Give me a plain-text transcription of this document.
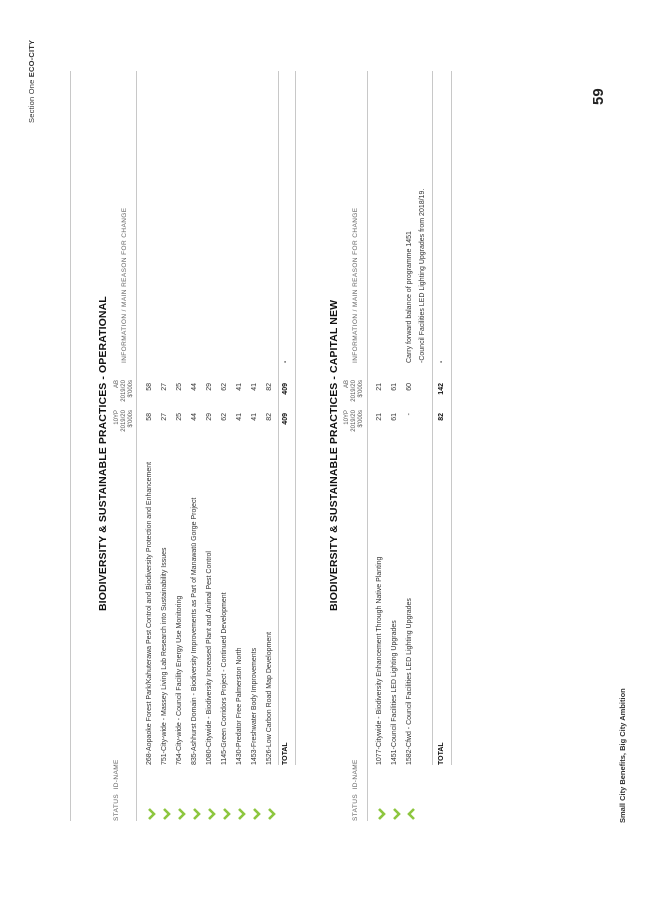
Section One ECO-CITY
BIODIVERSITY & SUSTAINABLE PRACTICES - OPERATIONAL
STATUS  ID-NAME
10YP 2019/20 $'000s
AB 2019/20 $'000s
INFORMATION / MAIN REASON FOR CHANGE
268-Aopaoke Forest Park/Kahuterawa Pest Control and Biodiversity Protection and Enhancement
58
58
751-City-wide - Massey Living Lab Research into Sustainability Issues
27
27
764-City-wide - Council Facility Energy Use Monitoring
25
25
835-Ashhurst Domain - Biodiversity Improvements as Part of Manawatū Gorge Project
44
44
1080-Citywide - Biodiversity Increased Plant and Animal Pest Control
29
29
1145-Green Corridors Project - Continued Development
62
62
1430-Predator Free Palmerston North
41
41
1453-Freshwater Body Improvements
41
41
1526-Low Carbon Road Map Development
82
82
TOTAL
409
409
-	BIODIVERSITY & SUSTAINABLE PRACTICES - CAPITAL NEW
STATUS  ID-NAME
10YP 2019/20 $'000s
AB 2019/20 $'000s
INFORMATION / MAIN REASON FOR CHANGE
1077-Citywide - Biodiversity Enhancement Through Native Planting
21
21
1451-Council Facilities LED Lighting Upgrades
61
61
1582-Cfwd - Council Facilities LED Lighting Upgrades
-
60
Carry forward balance of programme 1451 -Council Facilities LED Lighting Upgrades from 2018/19.
TOTAL
82
142
-
Small City Benefits, Big City Ambition
59
